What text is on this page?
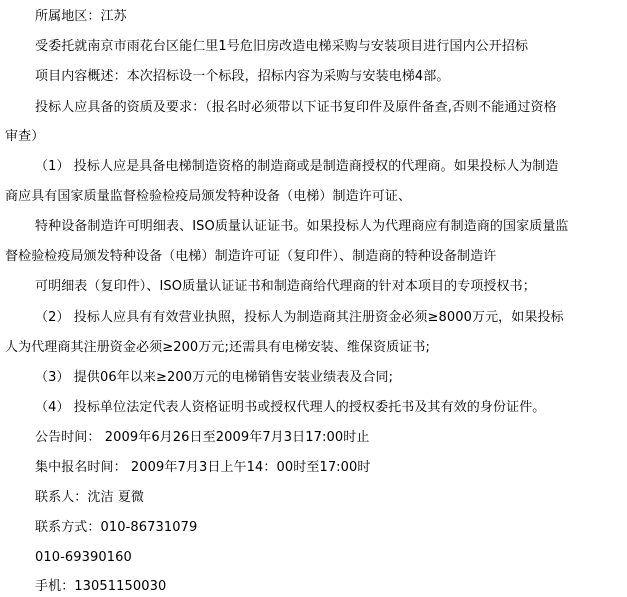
所属地区：江苏
受委托就南京市雨花台区能仁里1号危旧房改造电梯采购与安装项目进行国内公开招标
项目内容概述：本次招标设一个标段，招标内容为采购与安装电梯4部。
投标人应具备的资质及要求：（报名时必须带以下证书复印件及原件备查,否则不能通过资格
审查）
（1） 投标人应是具备电梯制造资格的制造商或是制造商授权的代理商。如果投标人为制造
商应具有国家质量监督检验检疫局颁发特种设备（电梯）制造许可证、
特种设备制造许可明细表、ISO质量认证证书。如果投标人为代理商应有制造商的国家质量监
督检验检疫局颁发特种设备（电梯）制造许可证（复印件）、制造商的特种设备制造许
可明细表（复印件）、ISO质量认证证书和制造商给代理商的针对本项目的专项授权书；
（2） 投标人应具有有效营业执照，投标人为制造商其注册资金必须≥8000万元，如果投标
人为代理商其注册资金必须≥200万元;还需具有电梯安装、维保资质证书;
（3） 提供06年以来≥200万元的电梯销售安装业绩表及合同;
（4） 投标单位法定代表人资格证明书或授权代理人的授权委托书及其有效的身份证件。
公告时间： 2009年6月26日至2009年7月3日17:00时止
集中报名时间： 2009年7月3日上午14：00时至17:00时
联系人：沈洁 夏微
联系方式：010-86731079
010-69390160
手机：13051150030
